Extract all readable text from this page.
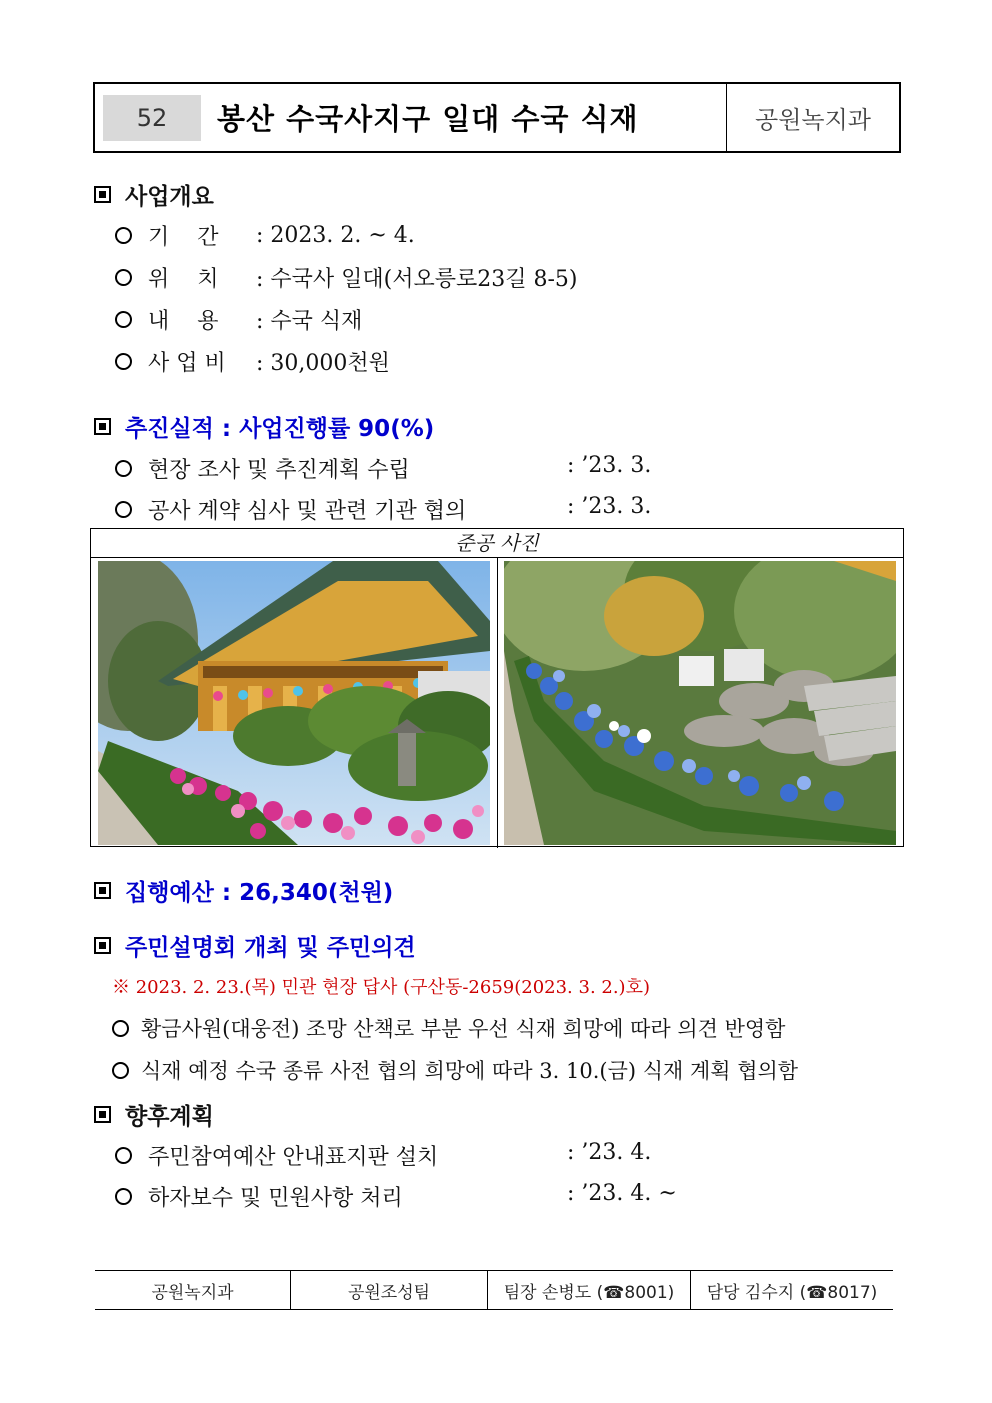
52	봉산 수국사지구 일대 수국 식재	공원녹지과
사업개요
기    간	: 2023. 2. ~ 4.
위    치	: 수국사 일대(서오릉로23길 8-5)
내    용	: 수국 식재
사 업 비	: 30,000천원
추진실적 : 사업진행률 90(%)
현장 조사 및 추진계획 수립	: ’23. 3.
공사 계약 심사 및 관련 기관 협의	: ’23. 3.
준공 사진
집행예산 : 26,340(천원)
주민설명회 개최 및 주민의견
※ 2023. 2. 23.(목) 민관 현장 답사 (구산동-2659(2023. 3. 2.)호)
황금사원(대웅전) 조망 산책로 부분 우선 식재 희망에 따라 의견 반영함
식재 예정 수국 종류 사전 협의 희망에 따라 3. 10.(금) 식재 계획 협의함
향후계획
주민참여예산 안내표지판 설치	: ’23. 4.
하자보수 및 민원사항 처리	: ’23. 4. ~
공원녹지과	공원조성팀	팀장 손병도 (☎8001)	담당 김수지 (☎8017)
